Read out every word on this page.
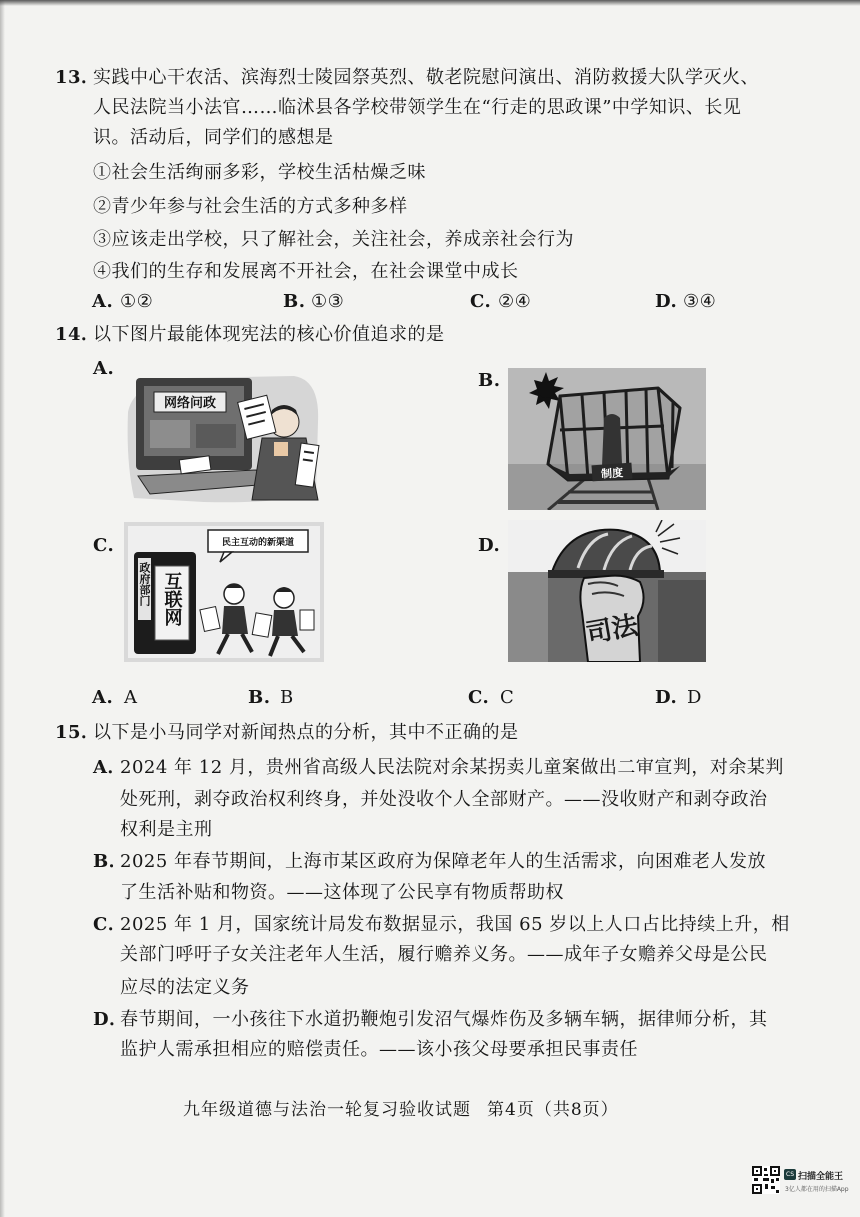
13．
实践中心干农活、滨海烈士陵园祭英烈、敬老院慰问演出、消防救援大队学灭火、
人民法院当小法官……临沭县各学校带领学生在“行走的思政课”中学知识、长见
识。活动后，同学们的感想是
①社会生活绚丽多彩，学校生活枯燥乏味
②青少年参与社会生活的方式多种多样
③应该走出学校，只了解社会，关注社会，养成亲社会行为
④我们的生存和发展离不开社会，在社会课堂中成长
A. ①②	B. ①③	C. ②④	D. ③④
14．
以下图片最能体现宪法的核心价值追求的是
A.
网络问政
B.
制度
C.
政府部门 互联网
民主互动的新渠道	D.
司法
A. A	B. B	C. C	D. D
15．
以下是小马同学对新闻热点的分析，其中不正确的是
A．
2024 年 12 月，贵州省高级人民法院对余某拐卖儿童案做出二审宣判，对余某判
处死刑，剥夺政治权利终身，并处没收个人全部财产。——没收财产和剥夺政治
权利是主刑
B．
2025 年春节期间，上海市某区政府为保障老年人的生活需求，向困难老人发放
了生活补贴和物资。——这体现了公民享有物质帮助权
C．
2025 年 1 月，国家统计局发布数据显示，我国 65 岁以上人口占比持续上升，相
关部门呼吁子女关注老年人生活，履行赡养义务。——成年子女赡养父母是公民
应尽的法定义务
D．
春节期间，一小孩往下水道扔鞭炮引发沼气爆炸伤及多辆车辆，据律师分析，其
监护人需承担相应的赔偿责任。——该小孩父母要承担民事责任
九年级道德与法治一轮复习验收试题 第4页（共8页）
CS 扫描全能王
3亿人都在用的扫描App
